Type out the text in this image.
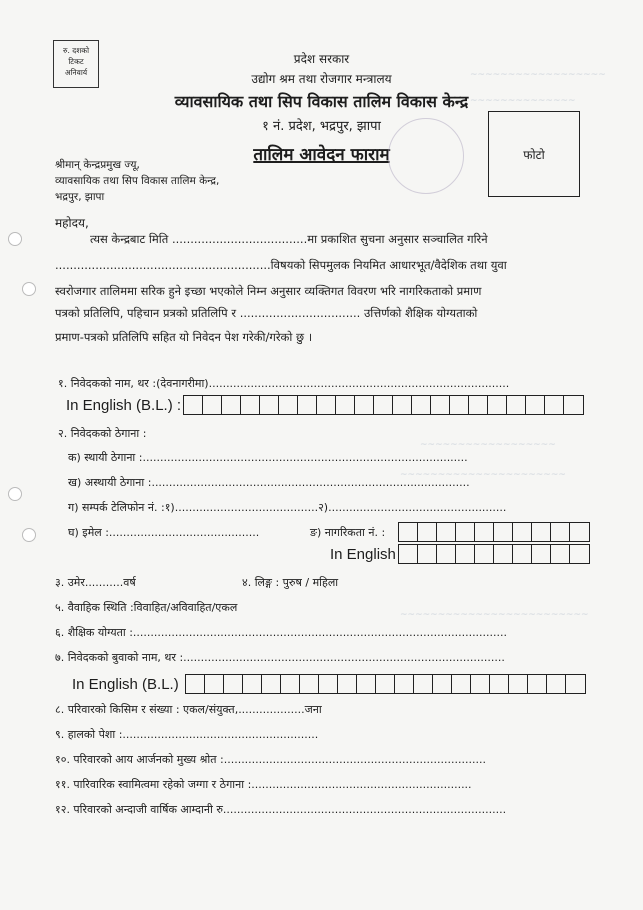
~~~~~~~~~~~~~~~~~~
~~~~~~~~~~~~~~
~~~~~~~~~~~~~~~~~~
~~~~~~~~~~~~~~~~~~~~~~
~~~~~~~~~~~~~~~~~~~~~~~~~
रु. दशको
टिकट
अनिवार्य
प्रदेश सरकार
उद्योग श्रम तथा रोजगार मन्त्रालय
व्यावसायिक तथा सिप विकास तालिम विकास केन्द्र
१ नं. प्रदेश, भद्रपुर, झापा
तालिम आवेदन फाराम	फोटो
श्रीमान् केन्द्रप्रमुख ज्यू,
व्यावसायिक तथा सिप विकास तालिम केन्द्र,
भद्रपुर, झापा
महोदय,
त्यस केन्द्रबाट मिति .....................................मा प्रकाशित सुचना अनुसार सञ्चालित गरिने
...........................................................विषयको सिपमुलक नियमित आधारभूत/वैदेशिक तथा युवा
स्वरोजगार तालिममा सरिक हुने इच्छा भएकोले निम्न अनुसार व्यक्तिगत विवरण भरि नागरिकताको प्रमाण
पत्रको प्रतिलिपि, पहिचान प्रत्रको प्रतिलिपि र ................................. उत्तिर्णको शैक्षिक योग्यताको
प्रमाण-पत्रको प्रतिलिपि सहित यो निवेदन पेश गरेकी/गरेको छु ।
१. निवेदकको नाम, थर :(देवनागरीमा)......................................................................................
In English (B.L.) :
२. निवेदकको ठेगाना :
क) स्थायी ठेगाना :.............................................................................................
ख) अस्थायी ठेगाना :...........................................................................................
ग) सम्पर्क टेलिफोन नं. :१).........................................२)...................................................
घ) इमेल :...........................................	ङ) नागरिकता नं. :
In English
३. उमेर...........वर्ष	४. लिङ्ग : पुरुष / महिला
५. वैवाहिक स्थिति :विवाहित/अविवाहित/एकल
६. शैक्षिक योग्यता :...........................................................................................................
७. निवेदकको बुवाको नाम, थर :............................................................................................
In English (B.L.)
८. परिवारको किसिम र संख्या : एकल/संयुक्त,...................जना
९. हालको पेशा :........................................................
१०. परिवारको आय आर्जनको मुख्य श्रोत :...........................................................................
११. पारिवारिक स्वामित्वमा रहेको जग्गा र ठेगाना :...............................................................
१२. परिवारको अन्दाजी वार्षिक आम्दानी रु.................................................................................
